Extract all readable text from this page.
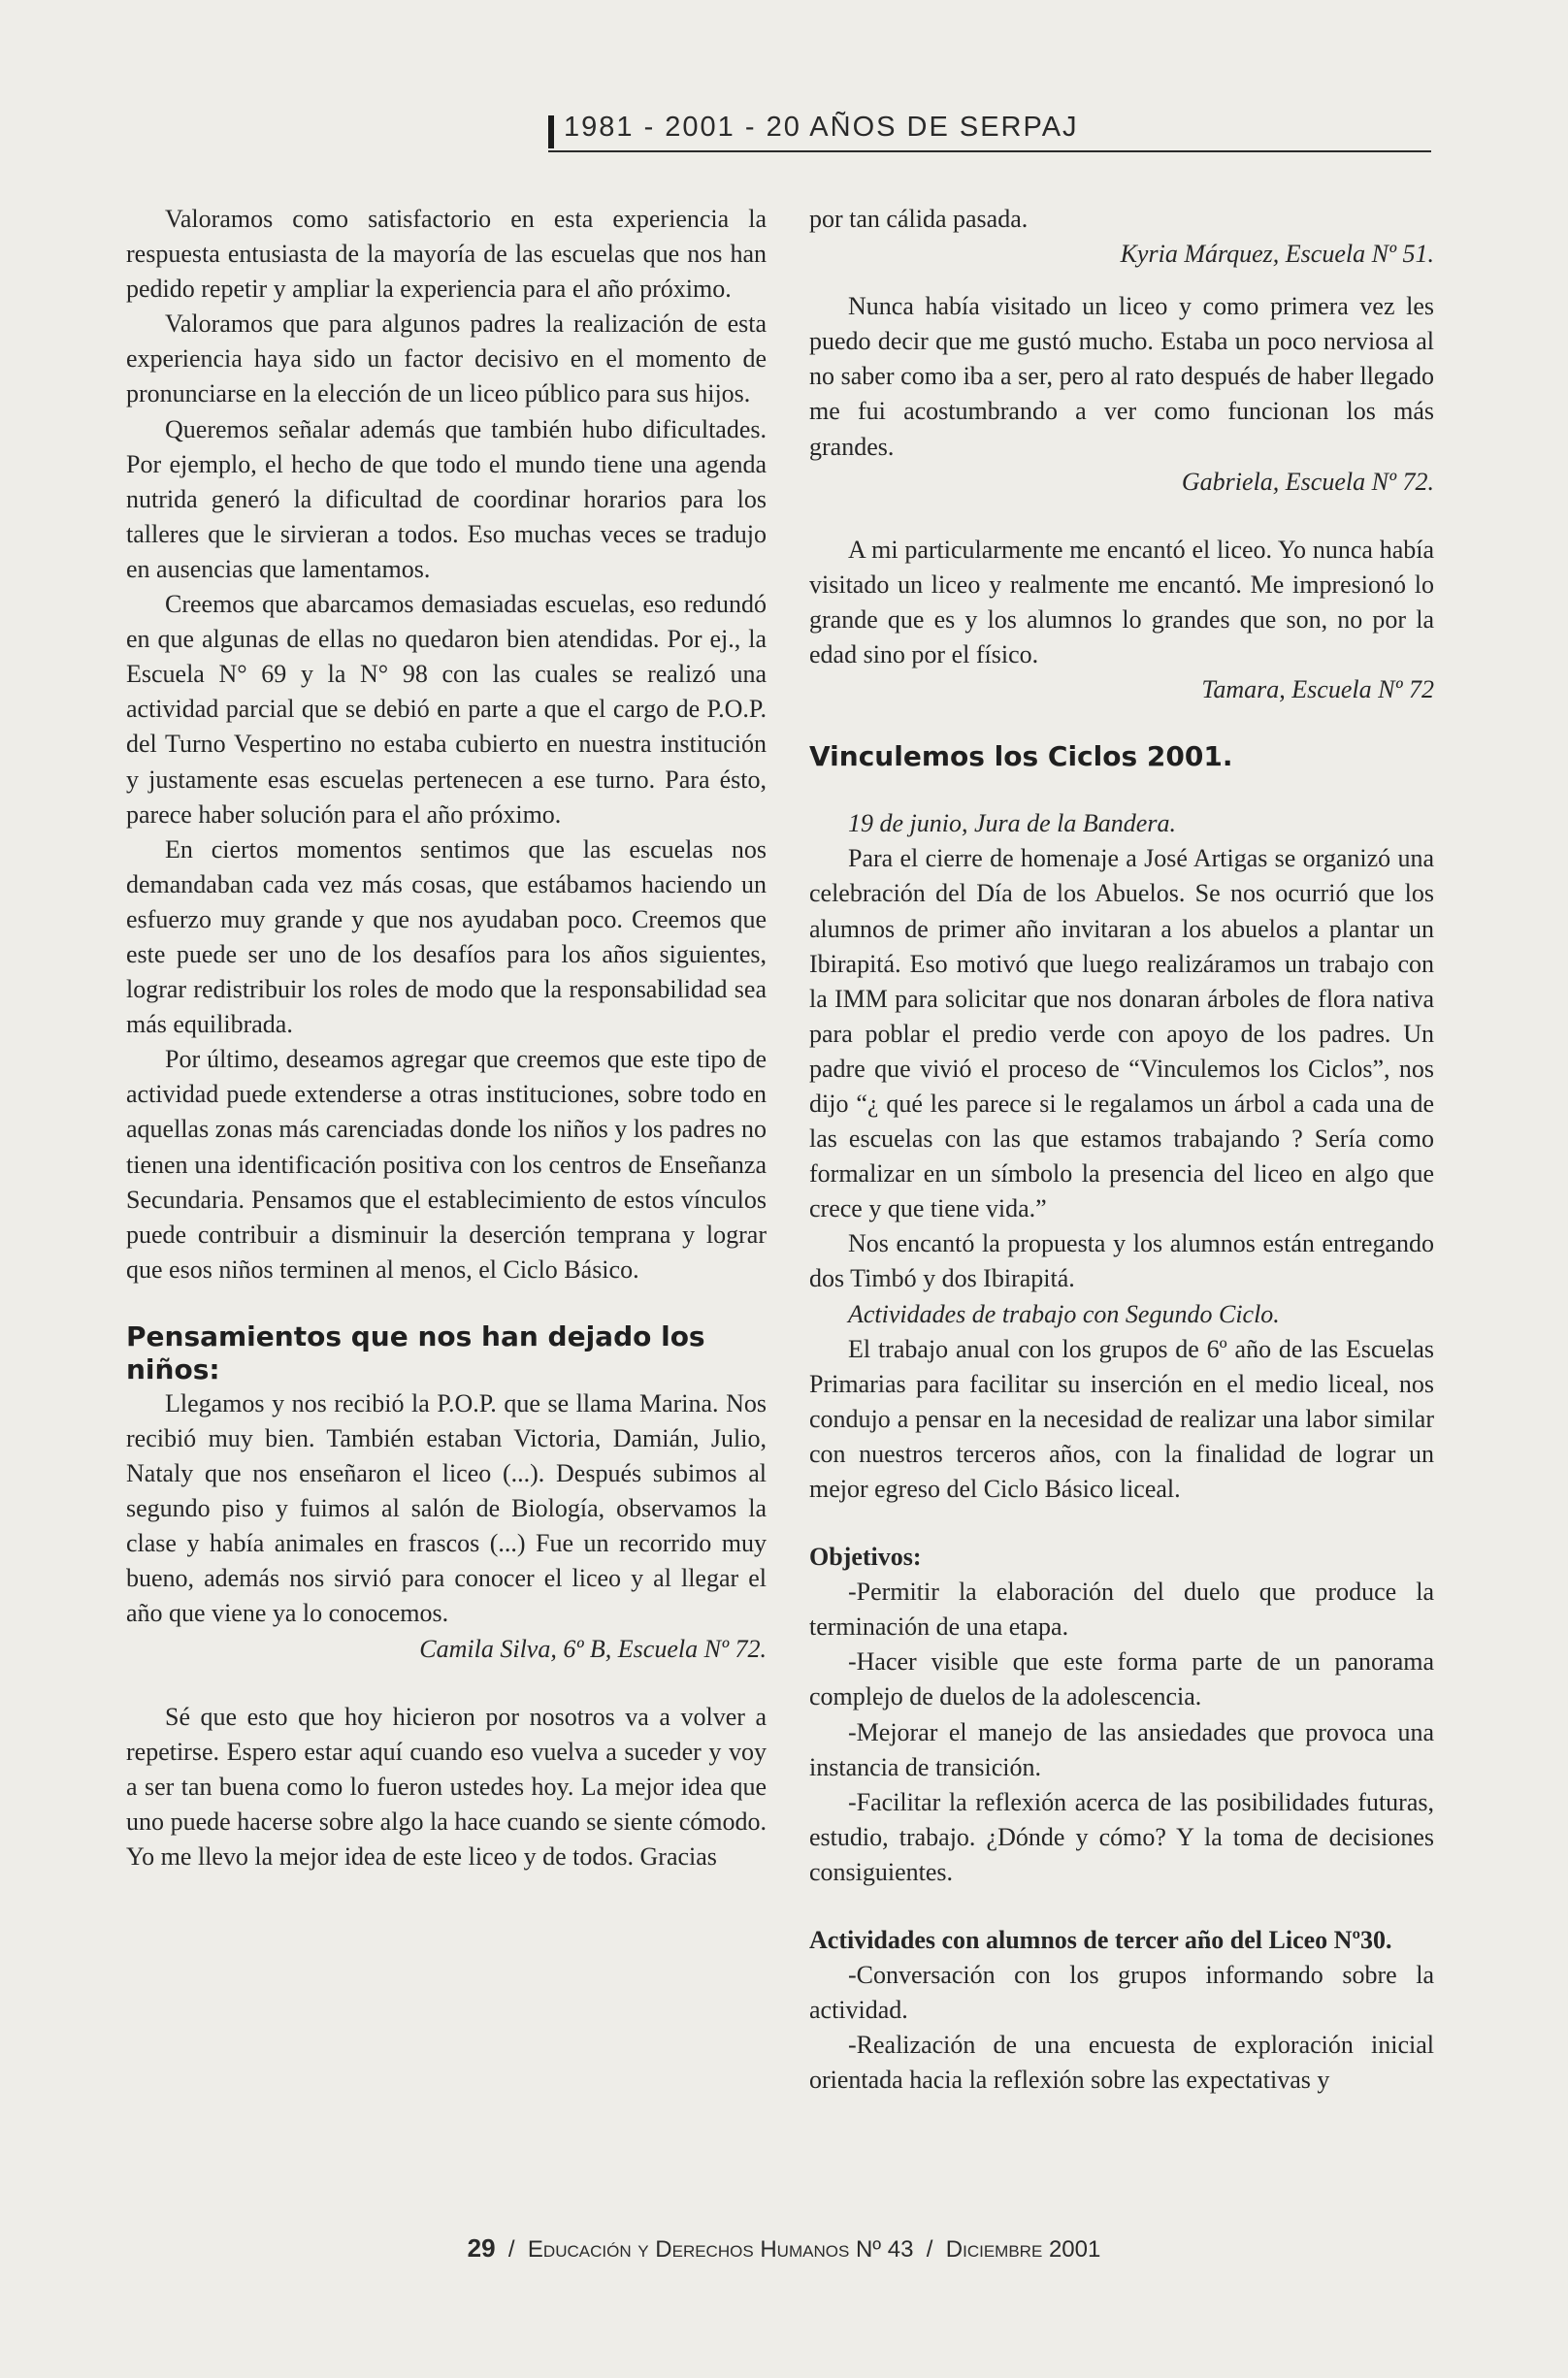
1981 - 2001 - 20 AÑOS DE SERPAJ

Valoramos como satisfactorio en esta experiencia la respuesta entusiasta de la mayoría de las escuelas que nos han pedido repetir y ampliar la experiencia para el año próximo.

Valoramos que para algunos padres la realización de esta experiencia haya sido un factor decisivo en el momento de pronunciarse en la elección de un liceo público para sus hijos.

Queremos señalar además que también hubo dificultades. Por ejemplo, el hecho de que todo el mundo tiene una agenda nutrida generó la dificultad de coordinar horarios para los talleres que le sirvieran a todos. Eso muchas veces se tradujo en ausencias que lamentamos.

Creemos que abarcamos demasiadas escuelas, eso redundó en que algunas de ellas no quedaron bien atendidas. Por ej., la Escuela N° 69 y la N° 98 con las cuales se realizó una actividad parcial que se debió en parte a que el cargo de P.O.P. del Turno Vespertino no estaba cubierto en nuestra institución y justamente esas escuelas pertenecen a ese turno. Para ésto, parece haber solución para el año próximo.

En ciertos momentos sentimos que las escuelas nos demandaban cada vez más cosas, que estábamos haciendo un esfuerzo muy grande y que nos ayudaban poco. Creemos que este puede ser uno de los desafíos para los años siguientes, lograr redistribuir los roles de modo que la responsabilidad sea más equilibrada.

Por último, deseamos agregar que creemos que este tipo de actividad puede extenderse a otras instituciones, sobre todo en aquellas zonas más carenciadas donde los niños y los padres no tienen una identificación positiva con los centros de Enseñanza Secundaria. Pensamos que el establecimiento de estos vínculos puede contribuir a disminuir la deserción temprana y lograr que esos niños terminen al menos, el Ciclo Básico.

Pensamientos que nos han dejado los niños:

Llegamos y nos recibió la P.O.P. que se llama Marina. Nos recibió muy bien. También estaban Victoria, Damián, Julio, Nataly que nos enseñaron el liceo (...). Después subimos al segundo piso y fuimos al salón de Biología, observamos la clase y había animales en frascos (...) Fue un recorrido muy bueno, además nos sirvió para conocer el liceo y al llegar el año que viene ya lo conocemos.

Camila Silva, 6º B, Escuela Nº 72.

Sé que esto que hoy hicieron por nosotros va a volver a repetirse. Espero estar aquí cuando eso vuelva a suceder y voy a ser tan buena como lo fueron ustedes hoy. La mejor idea que uno puede hacerse sobre algo la hace cuando se siente cómodo. Yo me llevo la mejor idea de este liceo y de todos. Gracias

por tan cálida pasada.

Kyria Márquez, Escuela Nº 51.

Nunca había visitado un liceo y como primera vez les puedo decir que me gustó mucho. Estaba un poco nerviosa al no saber como iba a ser, pero al rato después de haber llegado me fui acostumbrando a ver como funcionan los más grandes.

Gabriela, Escuela Nº 72.

A mi particularmente me encantó el liceo. Yo nunca había visitado un liceo y realmente me encantó. Me impresionó lo grande que es y los alumnos lo grandes que son, no por la edad sino por el físico.

Tamara, Escuela Nº 72

Vinculemos los Ciclos 2001.

19 de junio, Jura de la Bandera.

Para el cierre de homenaje a José Artigas se organizó una celebración del Día de los Abuelos. Se nos ocurrió que los alumnos de primer año invitaran a los abuelos a plantar un Ibirapitá. Eso motivó que luego realizáramos un trabajo con la IMM para solicitar que nos donaran árboles de flora nativa para poblar el predio verde con apoyo de los padres. Un padre que vivió el proceso de “Vinculemos los Ciclos”, nos dijo “¿ qué les parece si le regalamos un árbol a cada una de las escuelas con las que estamos trabajando ? Sería como formalizar en un símbolo la presencia del liceo en algo que crece y que tiene vida.”

Nos encantó la propuesta y los alumnos están entregando dos Timbó y dos Ibirapitá.

Actividades de trabajo con Segundo Ciclo.

El trabajo anual con los grupos de 6º año de las Escuelas Primarias para facilitar su inserción en el medio liceal, nos condujo a pensar en la necesidad de realizar una labor similar con nuestros terceros años, con la finalidad de lograr un mejor egreso del Ciclo Básico liceal.

Objetivos:

-Permitir la elaboración del duelo que produce la terminación de una etapa.

-Hacer visible que este forma parte de un panorama complejo de duelos de la adolescencia.

-Mejorar el manejo de las ansiedades que provoca una instancia de transición.

-Facilitar la reflexión acerca de las posibilidades futuras, estudio, trabajo. ¿Dónde y cómo? Y la toma de decisiones consiguientes.

Actividades con alumnos de tercer año del Liceo Nº30.

-Conversación con los grupos informando sobre la actividad.

-Realización de una encuesta de exploración inicial orientada hacia la reflexión sobre las expectativas y

29 / Educación y Derechos Humanos Nº 43 / Diciembre 2001
